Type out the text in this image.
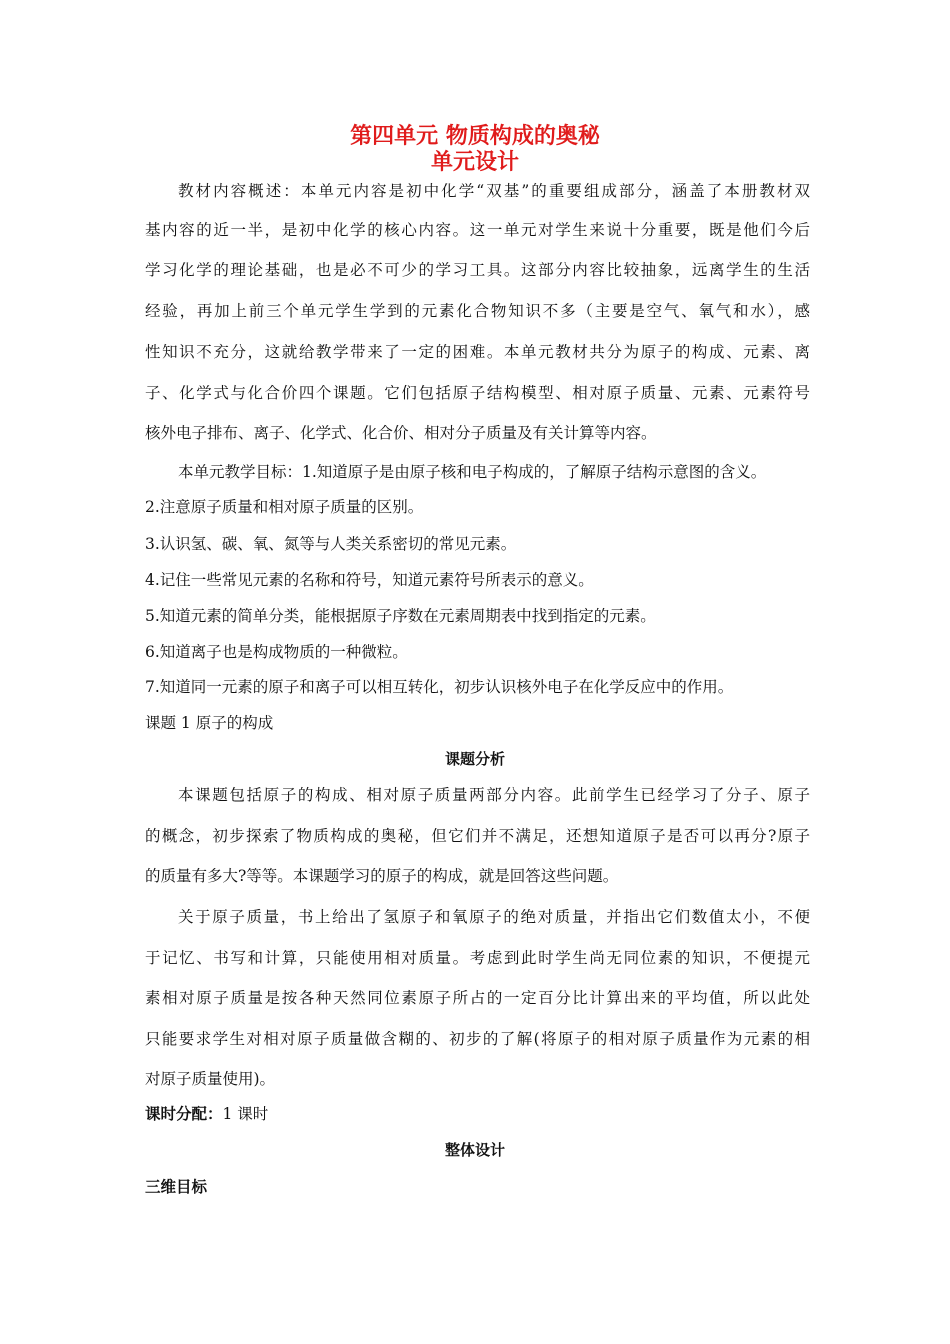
第四单元 物质构成的奥秘
单元设计
教材内容概述：本单元内容是初中化学“双基”的重要组成部分，涵盖了本册教材双
基内容的近一半，是初中化学的核心内容。这一单元对学生来说十分重要，既是他们今后
学习化学的理论基础，也是必不可少的学习工具。这部分内容比较抽象，远离学生的生活
经验，再加上前三个单元学生学到的元素化合物知识不多（主要是空气、氧气和水），感
性知识不充分，这就给教学带来了一定的困难。本单元教材共分为原子的构成、元素、离
子、化学式与化合价四个课题。它们包括原子结构模型、相对原子质量、元素、元素符号
核外电子排布、离子、化学式、化合价、相对分子质量及有关计算等内容。
本单元教学目标：1.知道原子是由原子核和电子构成的，了解原子结构示意图的含义。
2.注意原子质量和相对原子质量的区别。
3.认识氢、碳、氧、氮等与人类关系密切的常见元素。
4.记住一些常见元素的名称和符号，知道元素符号所表示的意义。
5.知道元素的简单分类，能根据原子序数在元素周期表中找到指定的元素。
6.知道离子也是构成物质的一种微粒。
7.知道同一元素的原子和离子可以相互转化，初步认识核外电子在化学反应中的作用。
课题 1 原子的构成
课题分析
本课题包括原子的构成、相对原子质量两部分内容。此前学生已经学习了分子、原子
的概念，初步探索了物质构成的奥秘，但它们并不满足，还想知道原子是否可以再分?原子
的质量有多大?等等。本课题学习的原子的构成，就是回答这些问题。
关于原子质量，书上给出了氢原子和氧原子的绝对质量，并指出它们数值太小，不便
于记忆、书写和计算，只能使用相对质量。考虑到此时学生尚无同位素的知识，不便提元
素相对原子质量是按各种天然同位素原子所占的一定百分比计算出来的平均值，所以此处
只能要求学生对相对原子质量做含糊的、初步的了解(将原子的相对原子质量作为元素的相
对原子质量使用)。
课时分配：1 课时
整体设计
三维目标
